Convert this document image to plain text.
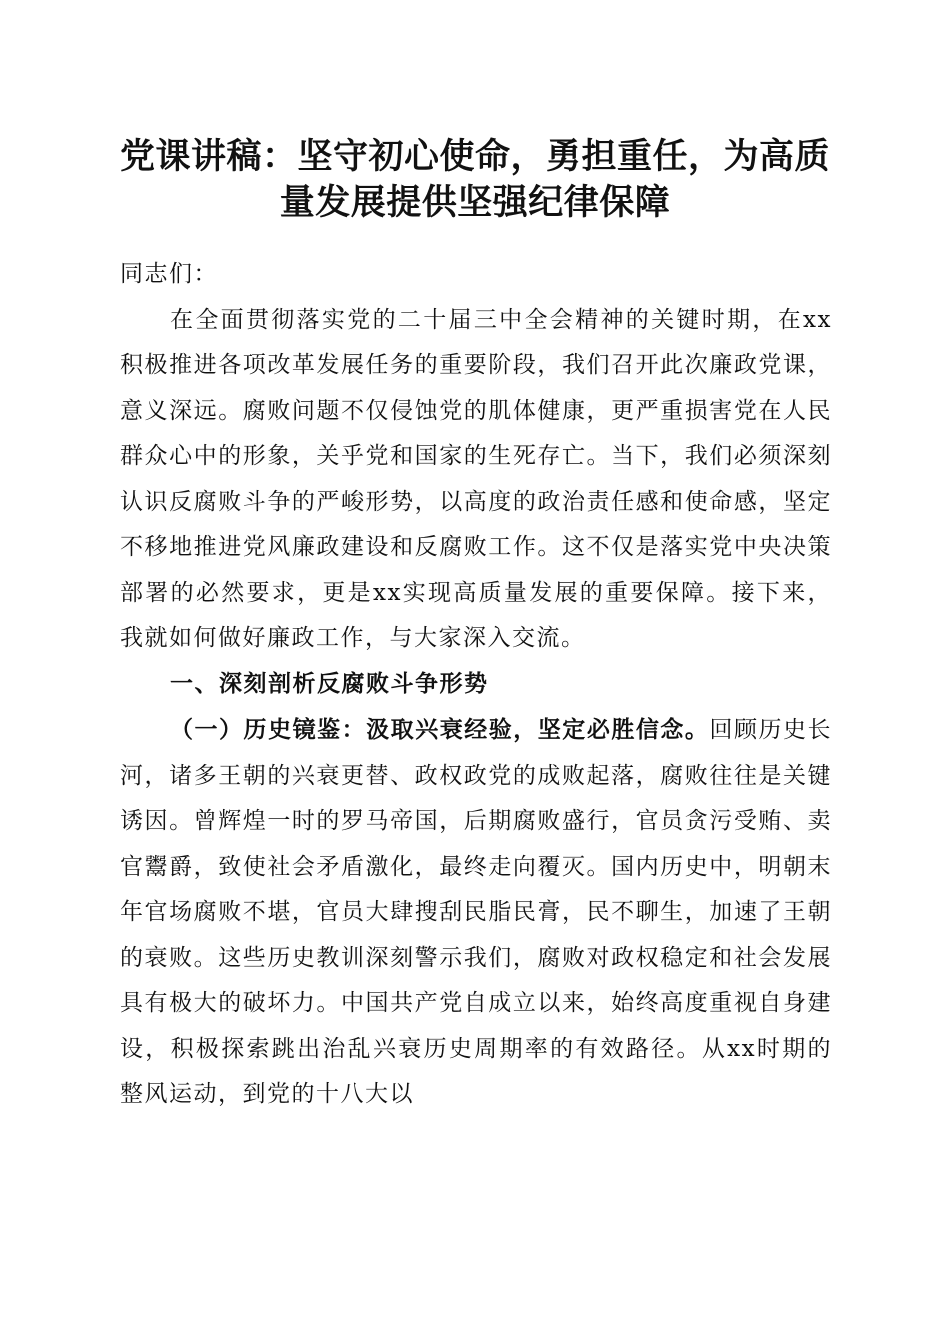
党课讲稿：坚守初心使命，勇担重任，为高质
量发展提供坚强纪律保障

同志们：

在全面贯彻落实党的二十届三中全会精神的关键时期，在xx积极推进各项改革发展任务的重要阶段，我们召开此次廉政党课，意义深远。腐败问题不仅侵蚀党的肌体健康，更严重损害党在人民群众心中的形象，关乎党和国家的生死存亡。当下，我们必须深刻认识反腐败斗争的严峻形势，以高度的政治责任感和使命感，坚定不移地推进党风廉政建设和反腐败工作。这不仅是落实党中央决策部署的必然要求，更是xx实现高质量发展的重要保障。接下来，我就如何做好廉政工作，与大家深入交流。

一、深刻剖析反腐败斗争形势

（一）历史镜鉴：汲取兴衰经验，坚定必胜信念。回顾历史长河，诸多王朝的兴衰更替、政权政党的成败起落，腐败往往是关键诱因。曾辉煌一时的罗马帝国，后期腐败盛行，官员贪污受贿、卖官鬻爵，致使社会矛盾激化，最终走向覆灭。国内历史中，明朝末年官场腐败不堪，官员大肆搜刮民脂民膏，民不聊生，加速了王朝的衰败。这些历史教训深刻警示我们，腐败对政权稳定和社会发展具有极大的破坏力。中国共产党自成立以来，始终高度重视自身建设，积极探索跳出治乱兴衰历史周期率的有效路径。从xx时期的整风运动，到党的十八大以
